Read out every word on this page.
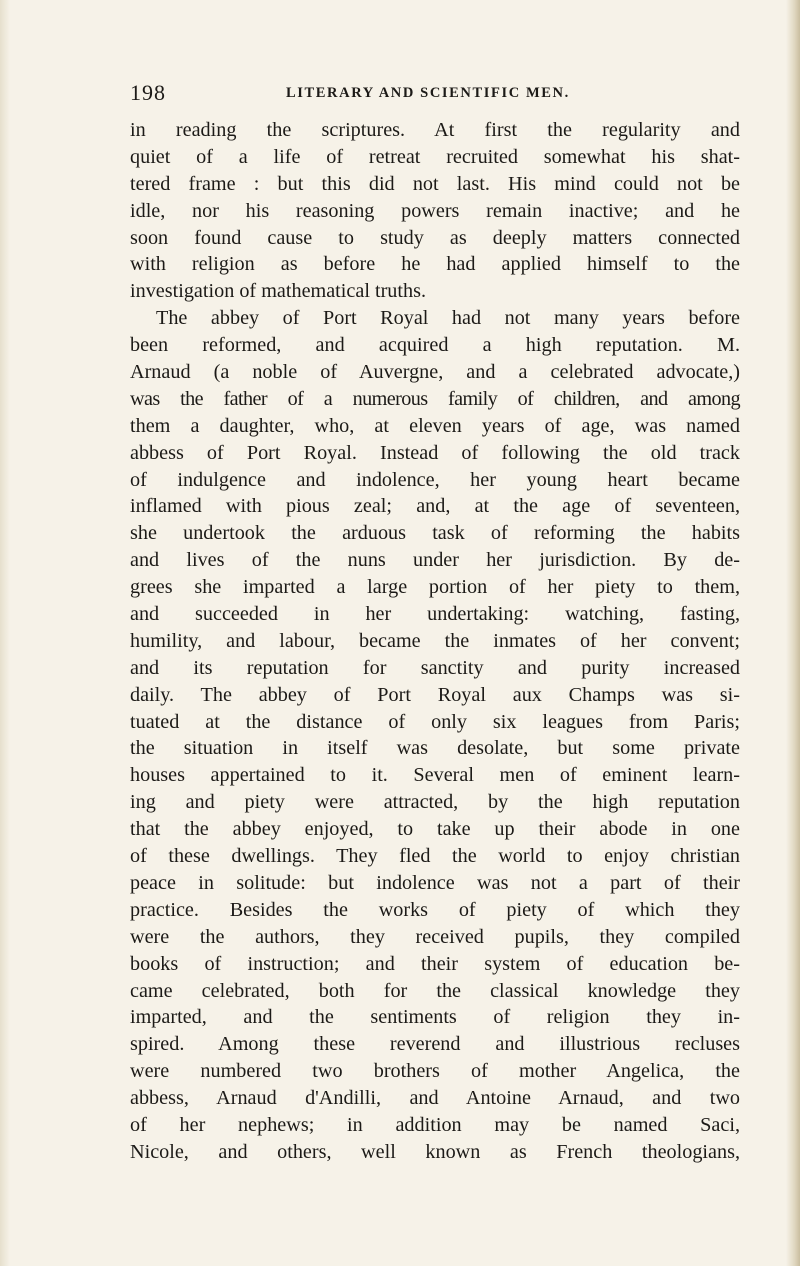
198	LITERARY AND SCIENTIFIC MEN.
in reading the scriptures. At first the regularity and
quiet of a life of retreat recruited somewhat his shat-
tered frame : but this did not last. His mind could not be
idle, nor his reasoning powers remain inactive; and he
soon found cause to study as deeply matters connected
with religion as before he had applied himself to the
investigation of mathematical truths.
The abbey of Port Royal had not many years before
been reformed, and acquired a high reputation. M.
Arnaud (a noble of Auvergne, and a celebrated advocate,)
was the father of a numerous family of children, and among
them a daughter, who, at eleven years of age, was named
abbess of Port Royal. Instead of following the old track
of indulgence and indolence, her young heart became
inflamed with pious zeal; and, at the age of seventeen,
she undertook the arduous task of reforming the habits
and lives of the nuns under her jurisdiction. By de-
grees she imparted a large portion of her piety to them,
and succeeded in her undertaking: watching, fasting,
humility, and labour, became the inmates of her convent;
and its reputation for sanctity and purity increased
daily. The abbey of Port Royal aux Champs was si-
tuated at the distance of only six leagues from Paris;
the situation in itself was desolate, but some private
houses appertained to it. Several men of eminent learn-
ing and piety were attracted, by the high reputation
that the abbey enjoyed, to take up their abode in one
of these dwellings. They fled the world to enjoy christian
peace in solitude: but indolence was not a part of their
practice. Besides the works of piety of which they
were the authors, they received pupils, they compiled
books of instruction; and their system of education be-
came celebrated, both for the classical knowledge they
imparted, and the sentiments of religion they in-
spired. Among these reverend and illustrious recluses
were numbered two brothers of mother Angelica, the
abbess, Arnaud d'Andilli, and Antoine Arnaud, and two
of her nephews; in addition may be named Saci,
Nicole, and others, well known as French theologians,
